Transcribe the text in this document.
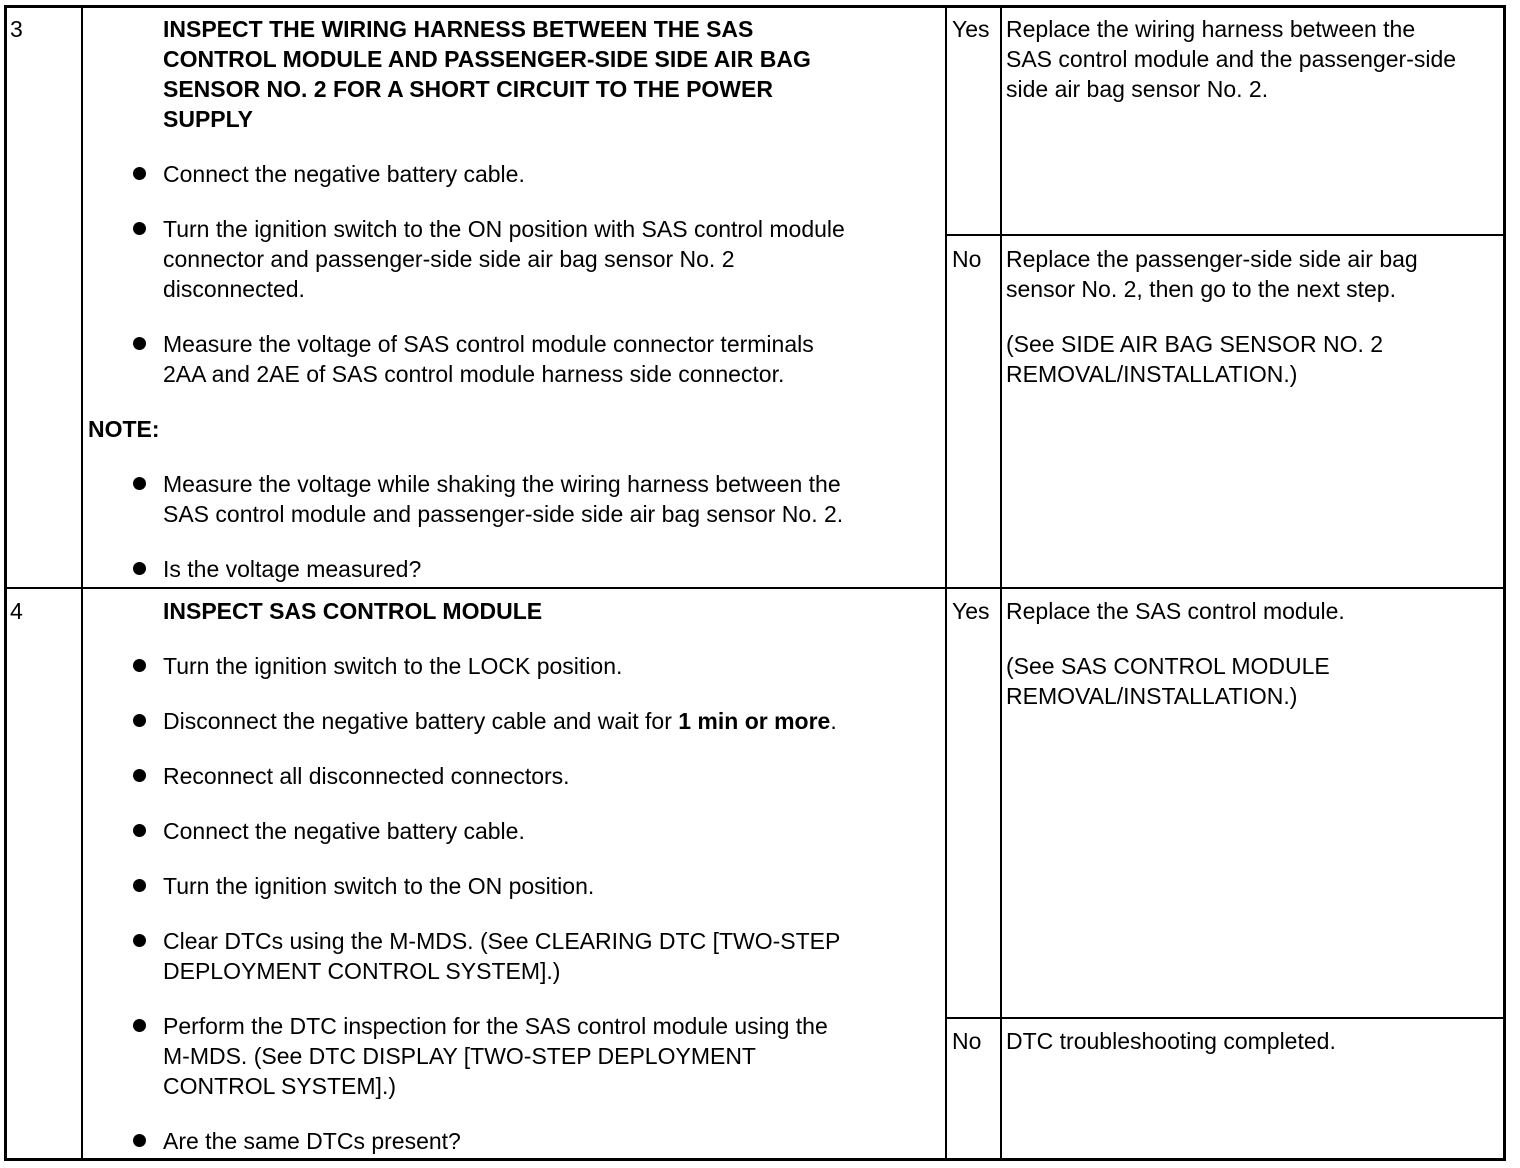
3	INSPECT THE WIRING HARNESS BETWEEN THE SAS
CONTROL MODULE AND PASSENGER-SIDE SIDE AIR BAG
SENSOR NO. 2 FOR A SHORT CIRCUIT TO THE POWER
SUPPLY
Connect the negative battery cable.
Turn the ignition switch to the ON position with SAS control module
connector and passenger-side side air bag sensor No. 2
disconnected.
Measure the voltage of SAS control module connector terminals
2AA and 2AE of SAS control module harness side connector.
NOTE:
Measure the voltage while shaking the wiring harness between the
SAS control module and passenger-side side air bag sensor No. 2.
Is the voltage measured?
Yes Replace the wiring harness between the
SAS control module and the passenger-side
side air bag sensor No. 2.
No Replace the passenger-side side air bag
sensor No. 2, then go to the next step.
(See SIDE AIR BAG SENSOR NO. 2
REMOVAL/INSTALLATION.)
4	INSPECT SAS CONTROL MODULE
Turn the ignition switch to the LOCK position.
Disconnect the negative battery cable and wait for 1 min or more.
Reconnect all disconnected connectors.
Connect the negative battery cable.
Turn the ignition switch to the ON position.
Clear DTCs using the M-MDS. (See CLEARING DTC [TWO-STEP
DEPLOYMENT CONTROL SYSTEM].)
Perform the DTC inspection for the SAS control module using the
M-MDS. (See DTC DISPLAY [TWO-STEP DEPLOYMENT
CONTROL SYSTEM].)
Are the same DTCs present?
Yes Replace the SAS control module.
(See SAS CONTROL MODULE
REMOVAL/INSTALLATION.)
No DTC troubleshooting completed.
